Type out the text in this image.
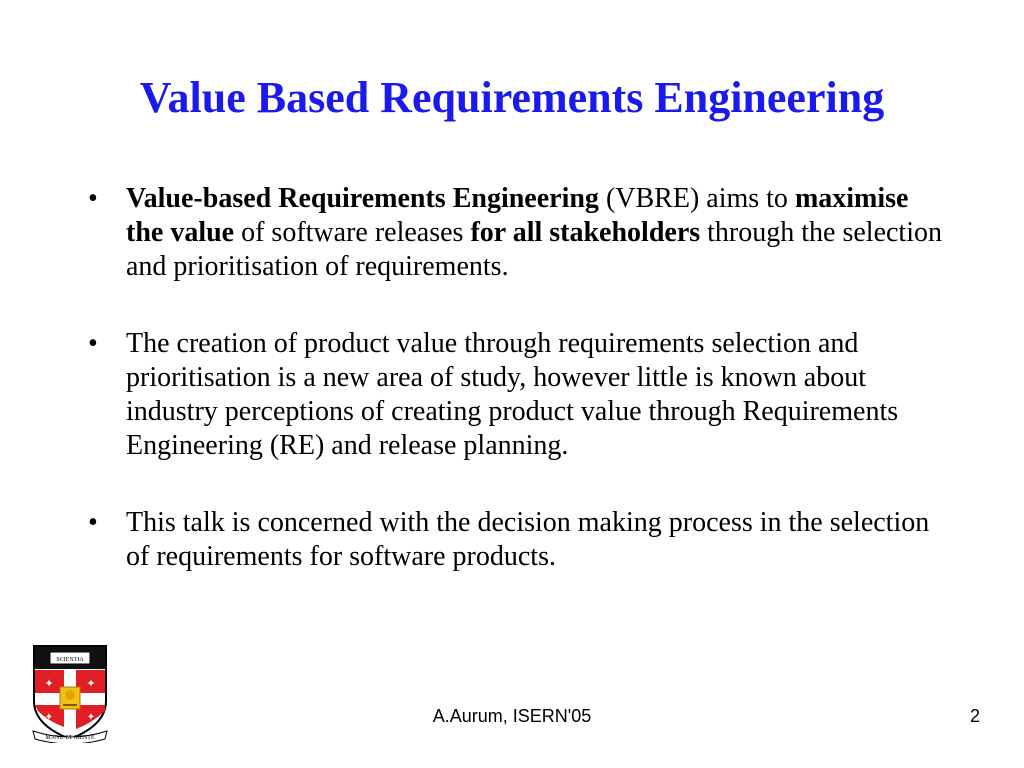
Value Based Requirements Engineering
• Value-based Requirements Engineering (VBRE) aims to maximise the value of software releases for all stakeholders through the selection and prioritisation of requirements.
• The creation of product value through requirements selection and prioritisation is a new area of study, however little is known about industry perceptions of creating product value through Requirements Engineering (RE) and release planning.
• This talk is concerned with the decision making process in the selection of requirements for software products.
SCIENTIA
✦	✦
✦	✦
MANU ET MENTE
A.Aurum, ISERN'05	2
